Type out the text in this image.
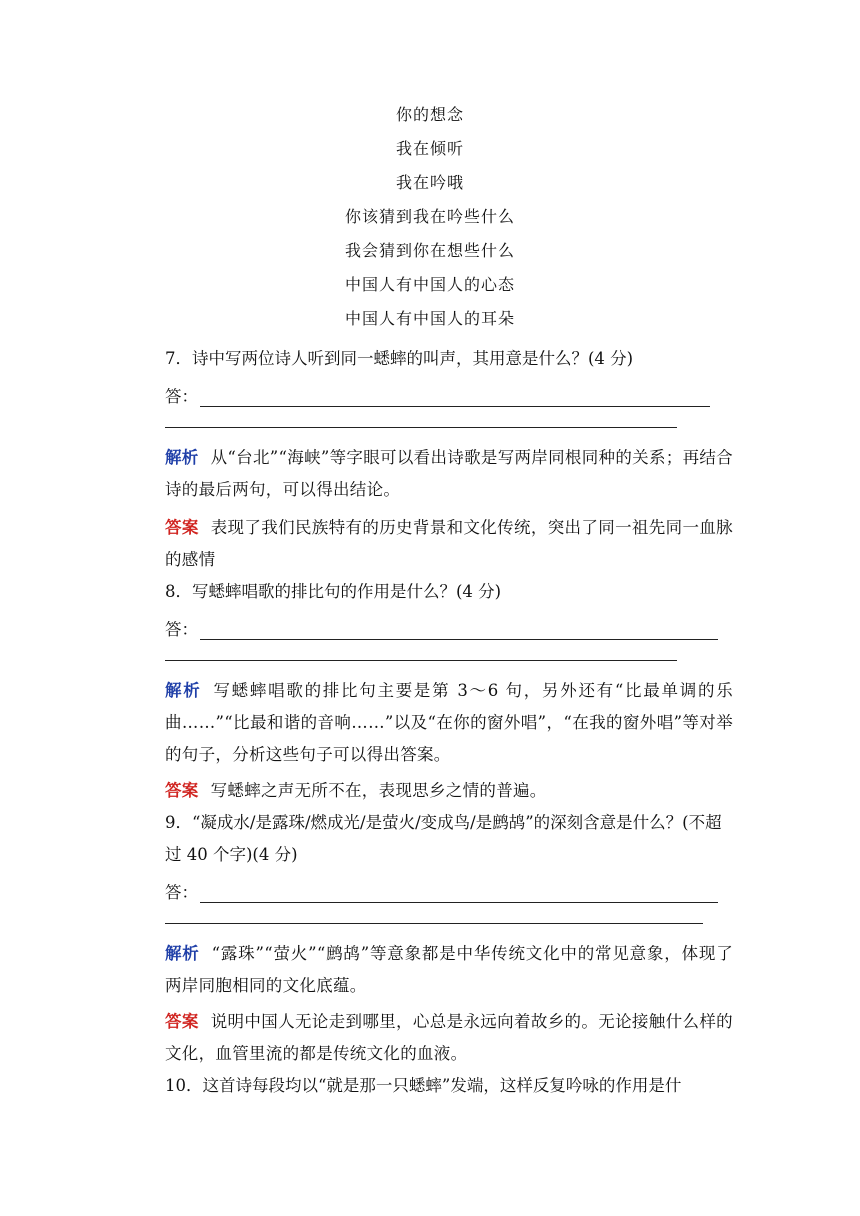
你的想念
我在倾听
我在吟哦
你该猜到我在吟些什么
我会猜到你在想些什么
中国人有中国人的心态
中国人有中国人的耳朵
7．诗中写两位诗人听到同一蟋蟀的叫声，其用意是什么？(4 分)
答：
解析 从“台北”“海峡”等字眼可以看出诗歌是写两岸同根同种的关系；再结合诗的最后两句，可以得出结论。
答案 表现了我们民族特有的历史背景和文化传统，突出了同一祖先同一血脉的感情
8．写蟋蟀唱歌的排比句的作用是什么？(4 分)
答：
解析 写蟋蟀唱歌的排比句主要是第 3～6 句，另外还有“比最单调的乐曲……”“比最和谐的音响……”以及“在你的窗外唱”，“在我的窗外唱”等对举的句子，分析这些句子可以得出答案。
答案 写蟋蟀之声无所不在，表现思乡之情的普遍。
9．“凝成水/是露珠/燃成光/是萤火/变成鸟/是鹧鸪”的深刻含意是什么？(不超过 40 个字)(4 分)
答：
解析 “露珠”“萤火”“鹧鸪”等意象都是中华传统文化中的常见意象，体现了两岸同胞相同的文化底蕴。
答案 说明中国人无论走到哪里，心总是永远向着故乡的。无论接触什么样的文化，血管里流的都是传统文化的血液。
10．这首诗每段均以“就是那一只蟋蟀”发端，这样反复吟咏的作用是什
